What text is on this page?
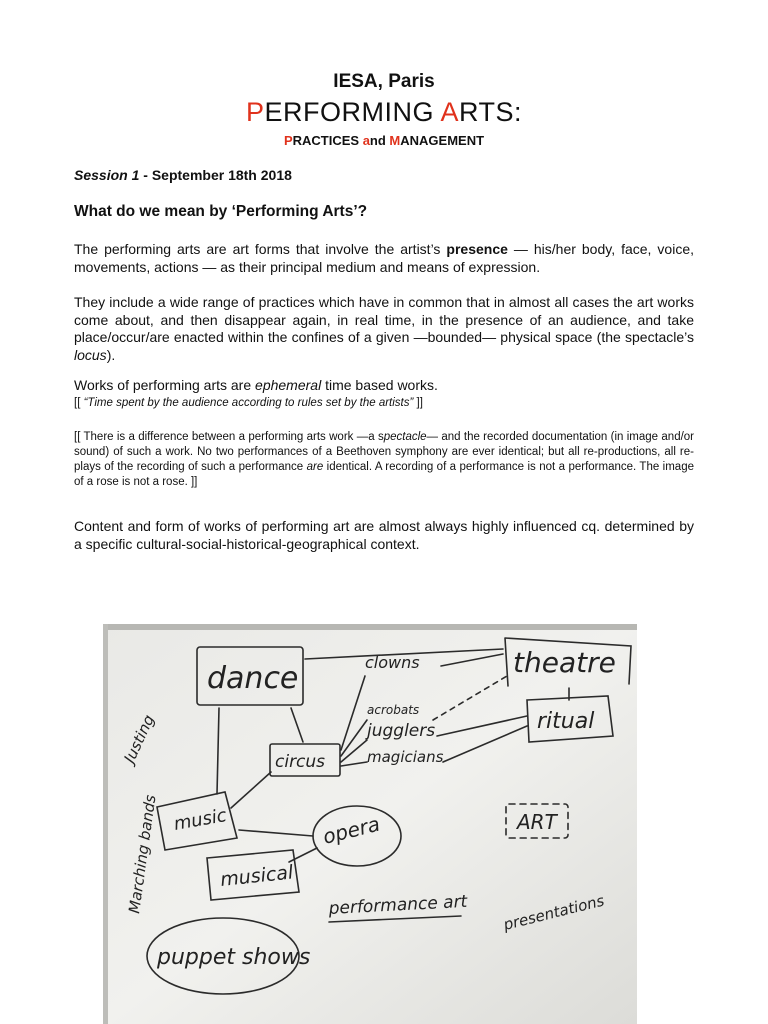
IESA, Paris
PERFORMING ARTS:
PRACTICES and MANAGEMENT
Session 1 - September 18th 2018
What do we mean by ‘Performing Arts’?
The performing arts are art forms that involve the artist’s presence — his/her body, face, voice, movements, actions — as their principal medium and means of expression.
They include a wide range of practices which have in common that in almost all cases the art works come about, and then disappear again, in real time, in the presence of an audience, and take place/occur/are enacted within the confines of a given —bounded— physical space (the spectacle’s locus).
Works of performing arts are ephemeral time based works.
[[ “Time spent by the audience according to rules set by the artists” ]]
[[ There is a difference between a performing arts work —a spectacle— and the recorded documentation (in image and/or sound) of such a work. No two performances of a Beethoven symphony are ever identical; but all re-productions, all re-plays of the recording of such a performance are identical. A recording of a performance is not a performance. The image of a rose is not a rose. ]]
Content and form of works of performing art are almost always highly influenced cq. determined by a specific cultural-social-historical-geographical context.
dance	theatre
ritual
circus
clowns
acrobats
jugglers
magicians
music	opera
musical
ART
Justing
Marching bands	performance art presentations
puppet shows
